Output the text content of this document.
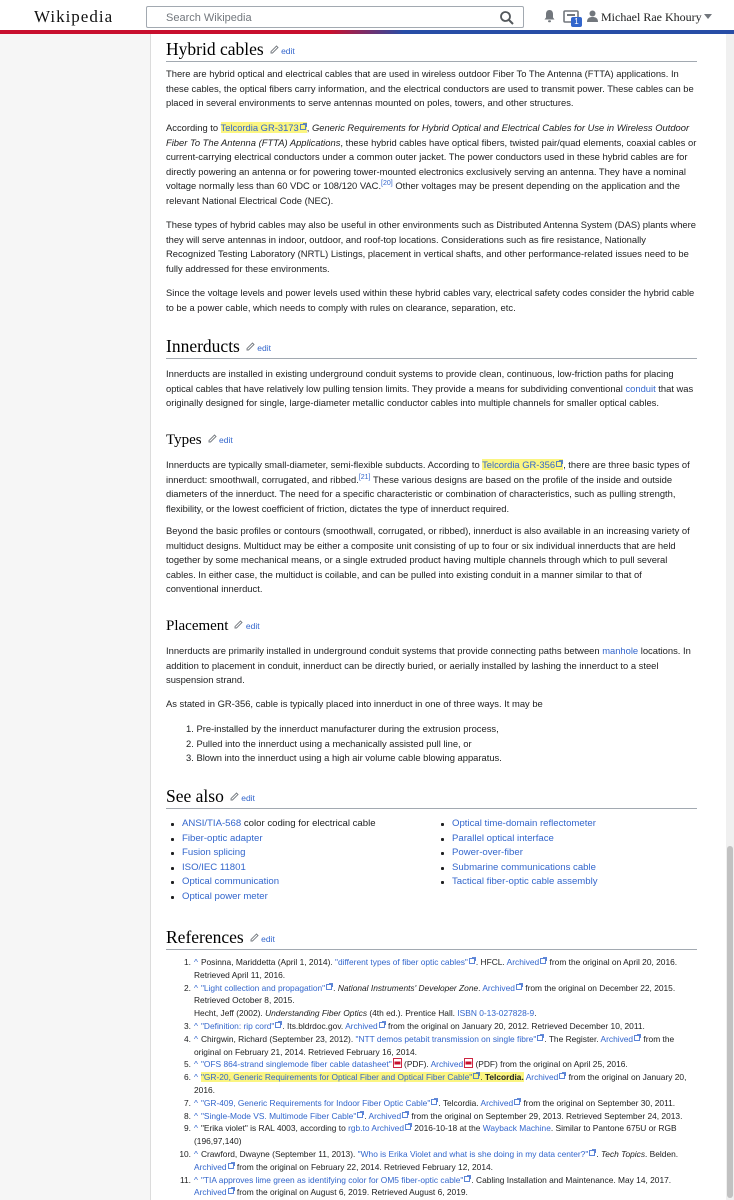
Wikipedia
Search Wikipedia	1 Michael Rae Khoury
Hybrid cables edit

There are hybrid optical and electrical cables that are used in wireless outdoor Fiber To The Antenna (FTTA) applications. In these cables, the optical fibers carry information, and the electrical conductors are used to transmit power. These cables can be placed in several environments to serve antennas mounted on poles, towers, and other structures.

According to Telcordia GR-3173 , Generic Requirements for Hybrid Optical and Electrical Cables for Use in Wireless Outdoor Fiber To The Antenna (FTTA) Applications, these hybrid cables have optical fibers, twisted pair/quad elements, coaxial cables or current-carrying electrical conductors under a common outer jacket. The power conductors used in these hybrid cables are for directly powering an antenna or for powering tower-mounted electronics exclusively serving an antenna. They have a nominal voltage normally less than 60 VDC or 108/120 VAC.[20] Other voltages may be present depending on the application and the relevant National Electrical Code (NEC).

These types of hybrid cables may also be useful in other environments such as Distributed Antenna System (DAS) plants where they will serve antennas in indoor, outdoor, and roof-top locations. Considerations such as fire resistance, Nationally Recognized Testing Laboratory (NRTL) Listings, placement in vertical shafts, and other performance-related issues need to be fully addressed for these environments.

Since the voltage levels and power levels used within these hybrid cables vary, electrical safety codes consider the hybrid cable to be a power cable, which needs to comply with rules on clearance, separation, etc.

Innerducts edit

Innerducts are installed in existing underground conduit systems to provide clean, continuous, low-friction paths for placing optical cables that have relatively low pulling tension limits. They provide a means for subdividing conventional conduit that was originally designed for single, large-diameter metallic conductor cables into multiple channels for smaller optical cables.

Types edit

Innerducts are typically small-diameter, semi-flexible subducts. According to Telcordia GR-356 , there are three basic types of innerduct: smoothwall, corrugated, and ribbed.[21] These various designs are based on the profile of the inside and outside diameters of the innerduct. The need for a specific characteristic or combination of characteristics, such as pulling strength, flexibility, or the lowest coefficient of friction, dictates the type of innerduct required.

Beyond the basic profiles or contours (smoothwall, corrugated, or ribbed), innerduct is also available in an increasing variety of multiduct designs. Multiduct may be either a composite unit consisting of up to four or six individual innerducts that are held together by some mechanical means, or a single extruded product having multiple channels through which to pull several cables. In either case, the multiduct is coilable, and can be pulled into existing conduit in a manner similar to that of conventional innerduct.

Placement edit

Innerducts are primarily installed in underground conduit systems that provide connecting paths between manhole locations. In addition to placement in conduit, innerduct can be directly buried, or aerially installed by lashing the innerduct to a steel suspension strand.

As stated in GR-356, cable is typically placed into innerduct in one of three ways. It may be

1. Pre-installed by the innerduct manufacturer during the extrusion process,
2. Pulled into the innerduct using a mechanically assisted pull line, or
3. Blown into the innerduct using a high air volume cable blowing apparatus.
See also edit
ANSI/TIA-568 color coding for electrical cable
Fiber-optic adapter
Fusion splicing
ISO/IEC 11801
Optical communication
Optical power meter
Optical time-domain reflectometer
Parallel optical interface
Power-over-fiber
Submarine communications cable
Tactical fiber-optic cable assembly
References edit
1. ^ Posinna, Mariddetta (April 1, 2014). "different types of fiber optic cables" . HFCL. Archived from the original on April 20, 2016. Retrieved April 11, 2016.
2. ^ "Light collection and propagation" . National Instruments' Developer Zone. Archived from the original on December 22, 2015. Retrieved October 8, 2015.
Hecht, Jeff (2002). Understanding Fiber Optics (4th ed.). Prentice Hall. ISBN 0-13-027828-9.
3. ^ "Definition: rip cord" . Its.bldrdoc.gov. Archived from the original on January 20, 2012. Retrieved December 10, 2011.
4. ^ Chirgwin, Richard (September 23, 2012). "NTT demos petabit transmission on single fibre" . The Register. Archived from the original on February 21, 2014. Retrieved February 16, 2014.
5. ^ "OFS 864-strand singlemode fiber cable datasheet" (PDF). Archived (PDF) from the original on April 25, 2016.
6. ^ "GR-20, Generic Requirements for Optical Fiber and Optical Fiber Cable" . Telcordia. Archived from the original on January 20, 2016.
7. ^ "GR-409, Generic Requirements for Indoor Fiber Optic Cable" . Telcordia. Archived from the original on September 30, 2011.
8. ^ "Single-Mode VS. Multimode Fiber Cable" . Archived from the original on September 29, 2013. Retrieved September 24, 2013.
9. ^ "Erika violet" is RAL 4003, according to rgb.to Archived 2016-10-18 at the Wayback Machine. Similar to Pantone 675U or RGB (196,97,140)
10. ^ Crawford, Dwayne (September 11, 2013). "Who is Erika Violet and what is she doing in my data center?" . Tech Topics. Belden. Archived from the original on February 22, 2014. Retrieved February 12, 2014.
11. ^ "TIA approves lime green as identifying color for OM5 fiber-optic cable" . Cabling Installation and Maintenance. May 14, 2017. Archived from the original on August 6, 2019. Retrieved August 6, 2019.
